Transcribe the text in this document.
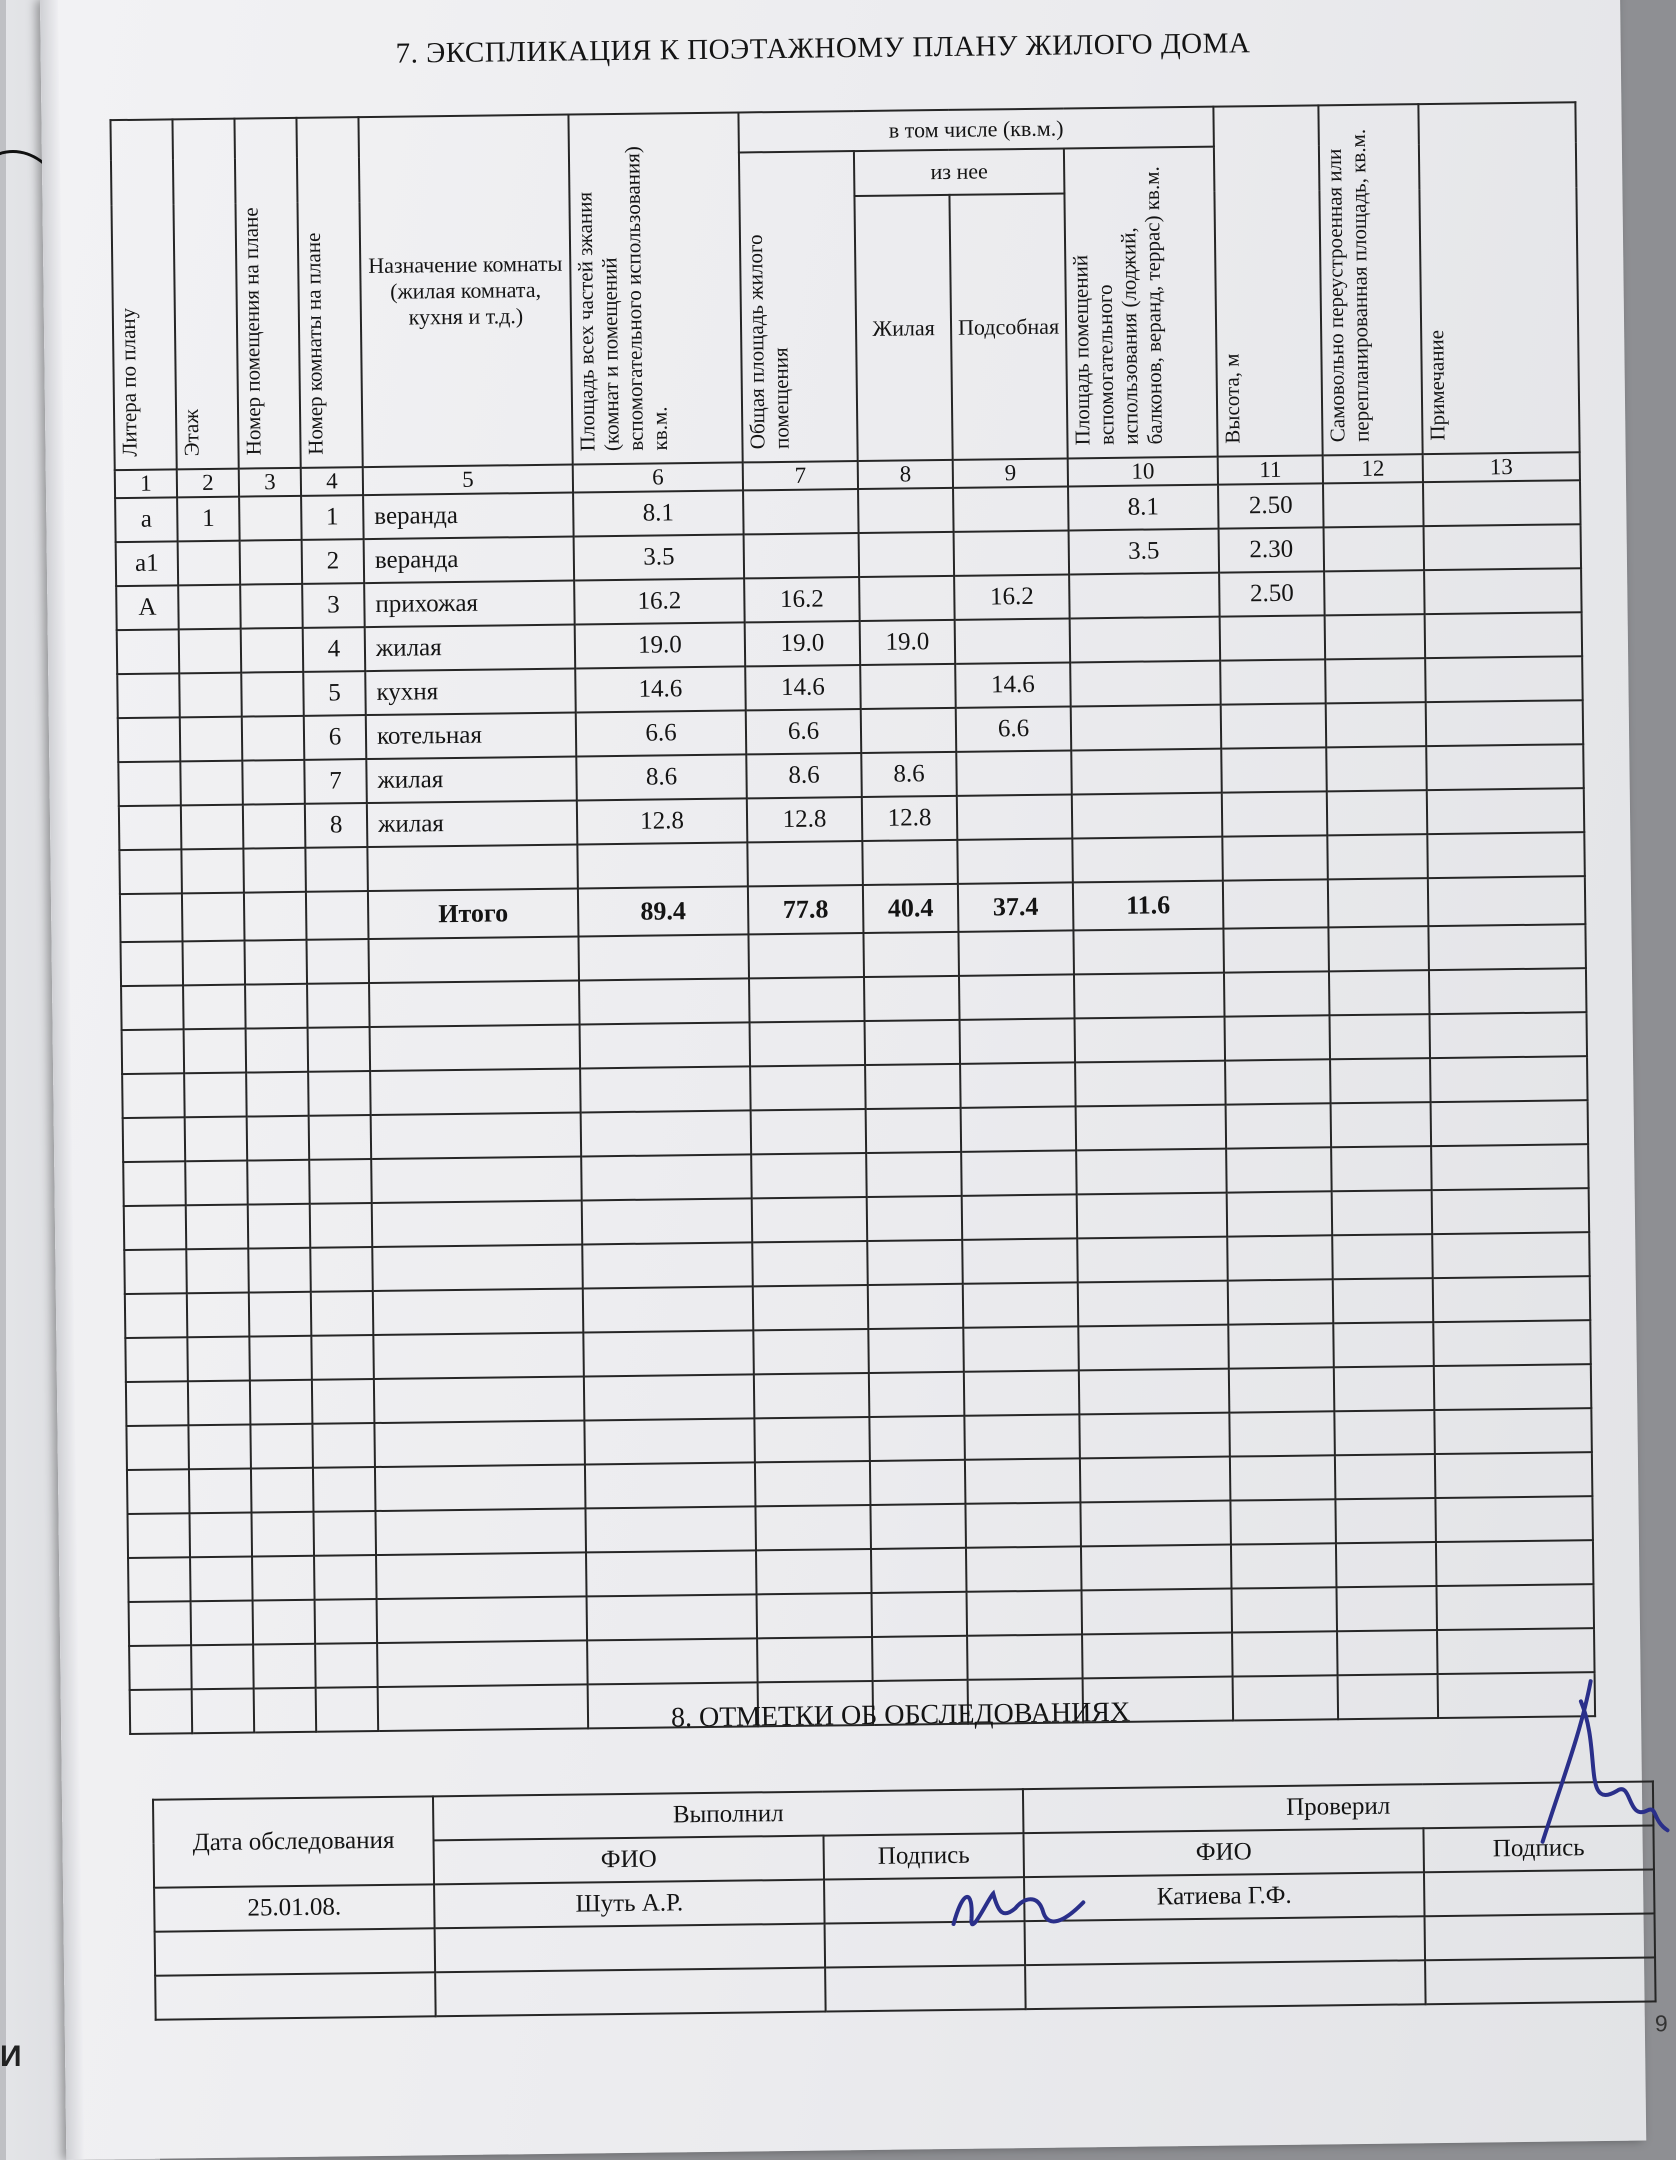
И
7. ЭКСПЛИКАЦИЯ К ПОЭТАЖНОМУ ПЛАНУ ЖИЛОГО ДОМА
Литера по плану	Этаж	Номер помещения на плане	Номер комнаты на плане	Назначение комнаты (жилая комната, кухня и т.д.)	Площадь всех частей зжания (комнат и помещений вспомогательного использования) кв.м.	в том числе (кв.м.)				Высота, м	Самовольно переустроенная или перепланированная площадь, кв.м.	Примечание
						Общая площадь жилого помещения	из нее		Площадь помещений вспомогательного использования (лоджий, балконов, веранд, террас) кв.м.			
							Жилая	Подсобная				
1	2	3	4	5	6	7	8	9	10	11	12	13
а	1		1	веранда	8.1				8.1	2.50		
а1			2	веранда	3.5				3.5	2.30		
А			3	прихожая	16.2	16.2		16.2		2.50		
			4	жилая	19.0	19.0	19.0					
			5	кухня	14.6	14.6		14.6				
			6	котельная	6.6	6.6		6.6				
			7	жилая	8.6	8.6	8.6					
			8	жилая	12.8	12.8	12.8					

				Итого	89.4	77.8	40.4	37.4	11.6			

8. ОТМЕТКИ ОБ ОБСЛЕДОВАНИЯХ
Дата обследования	Выполнил		Проверил	
	ФИО	Подпись	ФИО	Подпись
25.01.08.	Шуть А.Р.		Катиева Г.Ф.	

9
